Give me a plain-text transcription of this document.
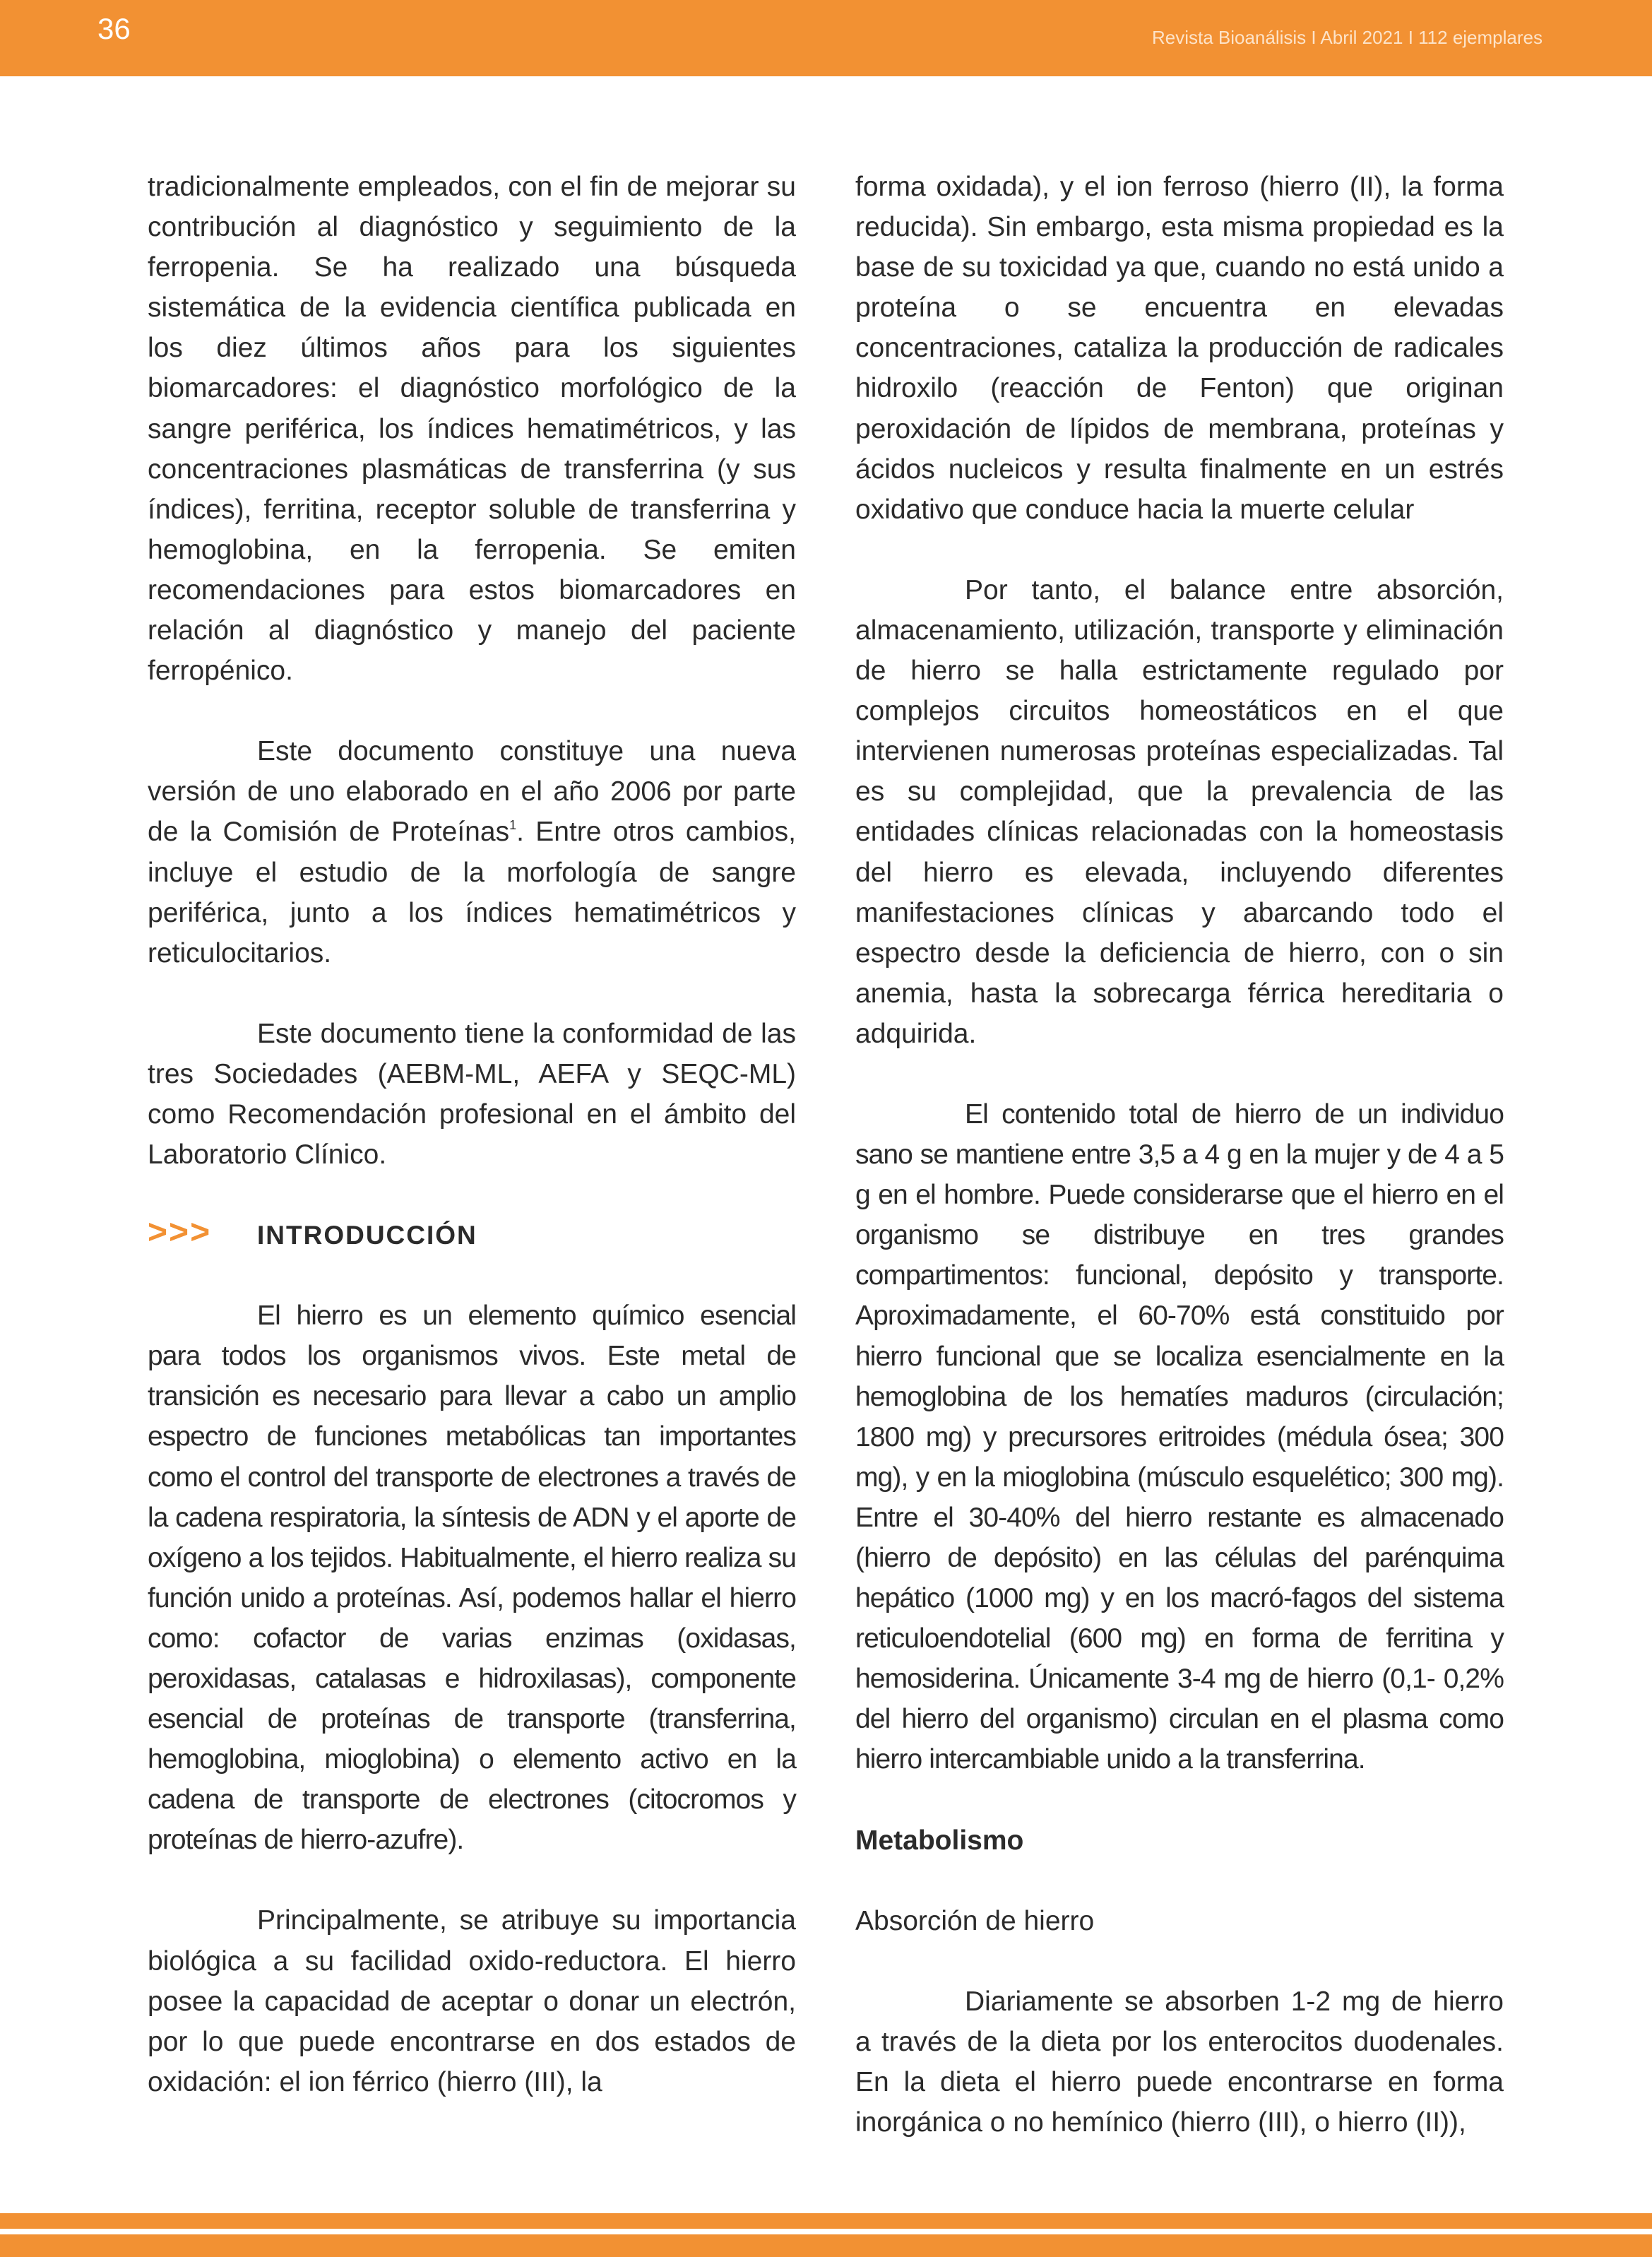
36	Revista Bioanálisis I Abril 2021 I 112 ejemplares

tradicionalmente empleados, con el fin de mejorar su contribución al diagnóstico y seguimiento de la ferropenia. Se ha realizado una búsqueda sistemática de la evidencia científica publicada en los diez últimos años para los siguientes biomarcadores: el diagnóstico morfológico de la sangre periférica, los índices hematimétricos, y las concentraciones plasmáticas de transferrina (y sus índices), ferritina, receptor soluble de transferrina y hemoglobina, en la ferropenia. Se emiten recomendaciones para estos biomarcadores en relación al diagnóstico y manejo del paciente ferropénico.

Este documento constituye una nueva versión de uno elaborado en el año 2006 por parte de la Comisión de Proteínas$^1$. Entre otros cambios, incluye el estudio de la morfología de sangre periférica, junto a los índices hematimétricos y reticulocitarios.

Este documento tiene la conformidad de las tres Sociedades (AEBM-ML, AEFA y SEQC-ML) como Recomendación profesional en el ámbito del Laboratorio Clínico.

>>> INTRODUCCIÓN

El hierro es un elemento químico esencial para todos los organismos vivos. Este metal de transición es necesario para llevar a cabo un amplio espectro de funciones metabólicas tan importantes como el control del transporte de electrones a través de la cadena respiratoria, la síntesis de ADN y el aporte de oxígeno a los tejidos. Habitualmente, el hierro realiza su función unido a proteínas. Así, podemos hallar el hierro como: cofactor de varias enzimas (oxidasas, peroxidasas, catalasas e hidroxilasas), componente esencial de proteínas de transporte (transferrina, hemoglobina, mioglobina) o elemento activo en la cadena de transporte de electrones (citocromos y proteínas de hierro-azufre).

Principalmente, se atribuye su importancia biológica a su facilidad oxido-reductora. El hierro posee la capacidad de aceptar o donar un electrón, por lo que puede encontrarse en dos estados de oxidación: el ion férrico (hierro (III), la

forma oxidada), y el ion ferroso (hierro (II), la forma reducida). Sin embargo, esta misma propiedad es la base de su toxicidad ya que, cuando no está unido a proteína o se encuentra en elevadas concentraciones, cataliza la producción de radicales hidroxilo (reacción de Fenton) que originan peroxidación de lípidos de membrana, proteínas y ácidos nucleicos y resulta finalmente en un estrés oxidativo que conduce hacia la muerte celular

Por tanto, el balance entre absorción, almacenamiento, utilización, transporte y eliminación de hierro se halla estrictamente regulado por complejos circuitos homeostáticos en el que intervienen numerosas proteínas especializadas. Tal es su complejidad, que la prevalencia de las entidades clínicas relacionadas con la homeostasis del hierro es elevada, incluyendo diferentes manifestaciones clínicas y abarcando todo el espectro desde la deficiencia de hierro, con o sin anemia, hasta la sobrecarga férrica hereditaria o adquirida.

El contenido total de hierro de un individuo sano se mantiene entre 3,5 a 4 g en la mujer y de 4 a 5 g en el hombre. Puede considerarse que el hierro en el organismo se distribuye en tres grandes compartimentos: funcional, depósito y transporte. Aproximadamente, el 60-70% está constituido por hierro funcional que se localiza esencialmente en la hemoglobina de los hematíes maduros (circulación; 1800 mg) y precursores eritroides (médula ósea; 300 mg), y en la mioglobina (músculo esquelético; 300 mg). Entre el 30-40% del hierro restante es almacenado (hierro de depósito) en las células del parénquima hepático (1000 mg) y en los macró-fagos del sistema reticuloendotelial (600 mg) en forma de ferritina y hemosiderina. Únicamente 3-4 mg de hierro (0,1- 0,2% del hierro del organismo) circulan en el plasma como hierro intercambiable unido a la transferrina.

Metabolismo

Absorción de hierro

Diariamente se absorben 1-2 mg de hierro a través de la dieta por los enterocitos duodenales. En la dieta el hierro puede encontrarse en forma inorgánica o no hemínico (hierro (III), o hierro (II)),
